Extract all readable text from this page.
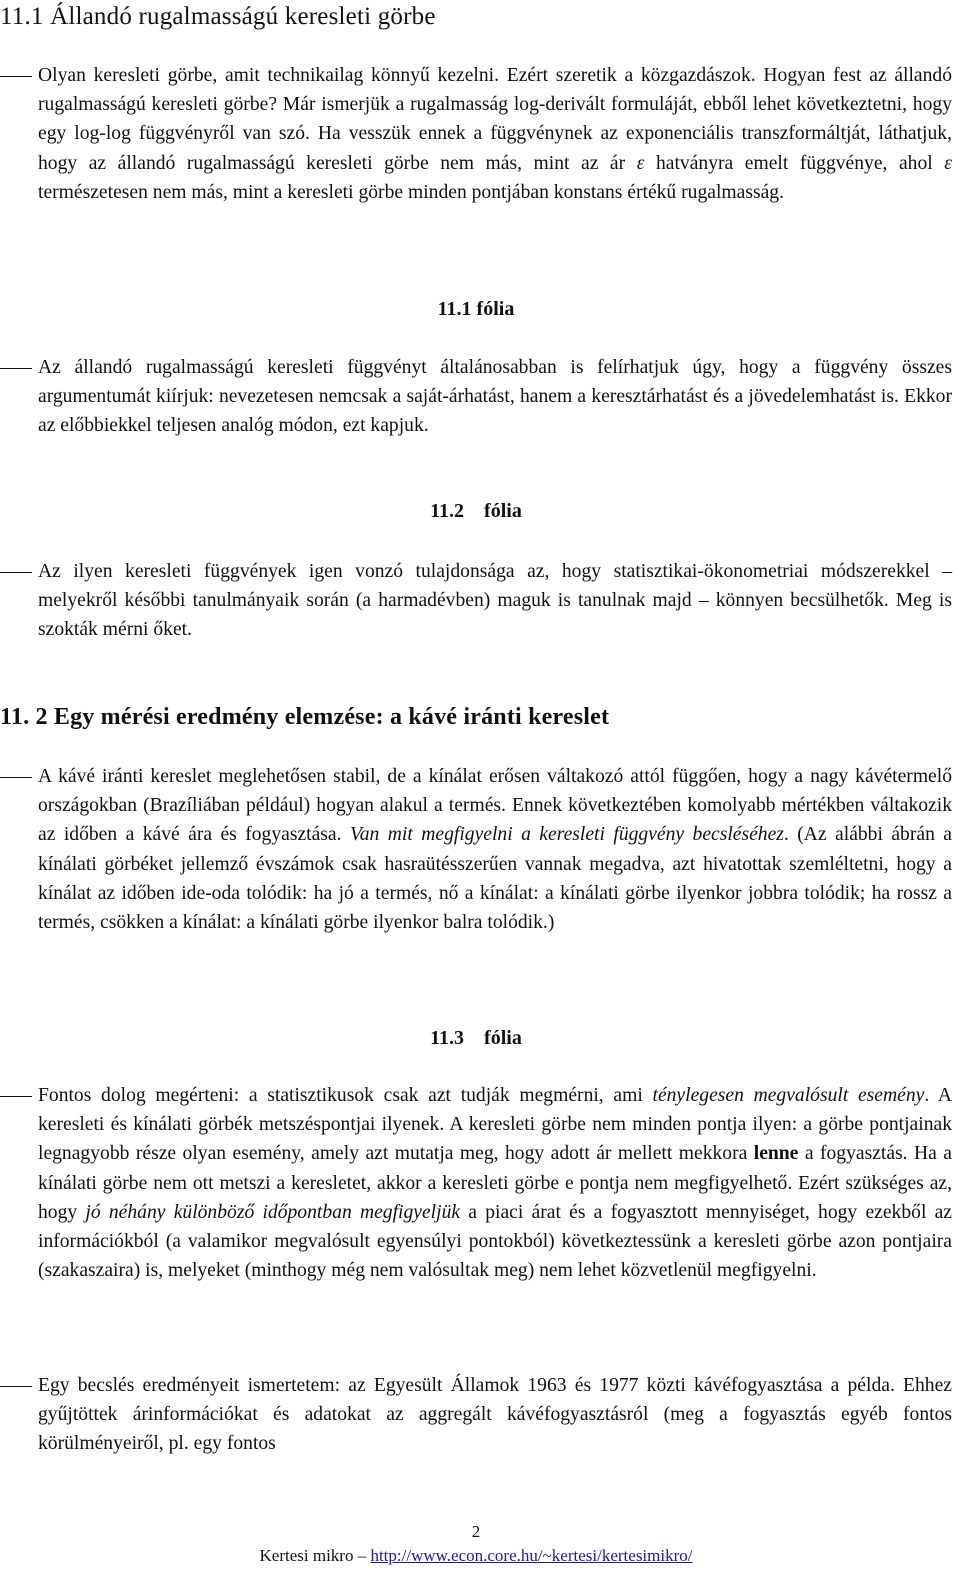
11.1 Állandó rugalmasságú keresleti görbe
Olyan keresleti görbe, amit technikailag könnyű kezelni. Ezért szeretik a közgazdászok. Hogyan fest az állandó rugalmasságú keresleti görbe? Már ismerjük a rugalmasság log-derivált formuláját, ebből lehet következtetni, hogy egy log-log függvényről van szó. Ha vesszük ennek a függvénynek az exponenciális transzformáltját, láthatjuk, hogy az állandó rugalmasságú keresleti görbe nem más, mint az ár ε hatványra emelt függvénye, ahol ε természetesen nem más, mint a keresleti görbe minden pontjában konstans értékű rugalmasság.
11.1 fólia
Az állandó rugalmasságú keresleti függvényt általánosabban is felírhatjuk úgy, hogy a függvény összes argumentumát kiírjuk: nevezetesen nemcsak a saját-árhatást, hanem a keresztárhatást és a jövedelemhatást is. Ekkor az előbbiekkel teljesen analóg módon, ezt kapjuk.
11.2    fólia
Az ilyen keresleti függvények igen vonzó tulajdonsága az, hogy statisztikai-ökonometriai módszerekkel – melyekről későbbi tanulmányaik során (a harmadévben) maguk is tanulnak majd – könnyen becsülhetők. Meg is szokták mérni őket.
11. 2 Egy mérési eredmény elemzése: a kávé iránti kereslet
A kávé iránti kereslet meglehetősen stabil, de a kínálat erősen váltakozó attól függően, hogy a nagy kávétermelő országokban (Brazíliában például) hogyan alakul a termés. Ennek következtében komolyabb mértékben váltakozik az időben a kávé ára és fogyasztása. Van mit megfigyelni a keresleti függvény becsléséhez. (Az alábbi ábrán a kínálati görbéket jellemző évszámok csak hasraütésszerűen vannak megadva, azt hivatottak szemléltetni, hogy a kínálat az időben ide-oda tolódik: ha jó a termés, nő a kínálat: a kínálati görbe ilyenkor jobbra tolódik; ha rossz a termés, csökken a kínálat: a kínálati görbe ilyenkor balra tolódik.)
11.3    fólia
Fontos dolog megérteni: a statisztikusok csak azt tudják megmérni, ami ténylegesen megvalósult esemény. A keresleti és kínálati görbék metszéspontjai ilyenek. A keresleti görbe nem minden pontja ilyen: a görbe pontjainak legnagyobb része olyan esemény, amely azt mutatja meg, hogy adott ár mellett mekkora lenne a fogyasztás. Ha a kínálati görbe nem ott metszi a keresletet, akkor a keresleti görbe e pontja nem megfigyelhető. Ezért szükséges az, hogy jó néhány különböző időpontban megfigyeljük a piaci árat és a fogyasztott mennyiséget, hogy ezekből az információkból (a valamikor megvalósult egyensúlyi pontokból) következtessünk a keresleti görbe azon pontjaira (szakaszaira) is, melyeket (minthogy még nem valósultak meg) nem lehet közvetlenül megfigyelni.
Egy becslés eredményeit ismertetem: az Egyesült Államok 1963 és 1977 közti kávéfogyasztása a példa. Ehhez gyűjtöttek árinformációkat és adatokat az aggregált kávéfogyasztásról (meg a fogyasztás egyéb fontos körülményeiről, pl. egy fontos
2
Kertesi mikro – http://www.econ.core.hu/~kertesi/kertesimikro/
